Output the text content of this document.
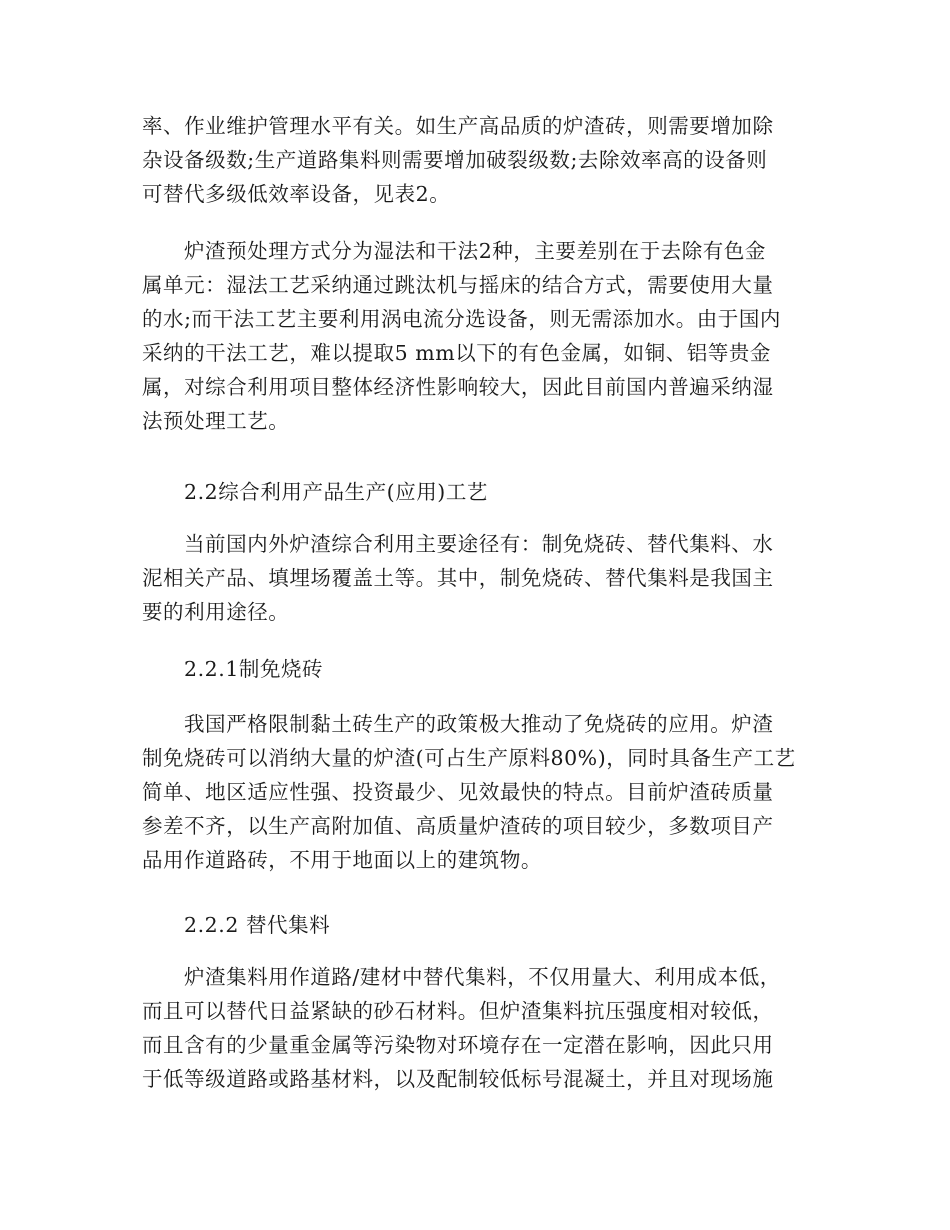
率、作业维护管理水平有关。如生产高品质的炉渣砖，则需要增加除
杂设备级数;生产道路集料则需要增加破裂级数;去除效率高的设备则
可替代多级低效率设备，见表2。
炉渣预处理方式分为湿法和干法2种，主要差别在于去除有色金
属单元：湿法工艺采纳通过跳汰机与摇床的结合方式，需要使用大量
的水;而干法工艺主要利用涡电流分选设备，则无需添加水。由于国内
采纳的干法工艺，难以提取5 mm以下的有色金属，如铜、铝等贵金
属，对综合利用项目整体经济性影响较大，因此目前国内普遍采纳湿
法预处理工艺。
2.2综合利用产品生产(应用)工艺
当前国内外炉渣综合利用主要途径有：制免烧砖、替代集料、水
泥相关产品、填埋场覆盖土等。其中，制免烧砖、替代集料是我国主
要的利用途径。
2.2.1制免烧砖
我国严格限制黏土砖生产的政策极大推动了免烧砖的应用。炉渣
制免烧砖可以消纳大量的炉渣(可占生产原料80%)，同时具备生产工艺
简单、地区适应性强、投资最少、见效最快的特点。目前炉渣砖质量
参差不齐，以生产高附加值、高质量炉渣砖的项目较少，多数项目产
品用作道路砖，不用于地面以上的建筑物。
2.2.2 替代集料
炉渣集料用作道路/建材中替代集料，不仅用量大、利用成本低，
而且可以替代日益紧缺的砂石材料。但炉渣集料抗压强度相对较低，
而且含有的少量重金属等污染物对环境存在一定潜在影响，因此只用
于低等级道路或路基材料，以及配制较低标号混凝土，并且对现场施
